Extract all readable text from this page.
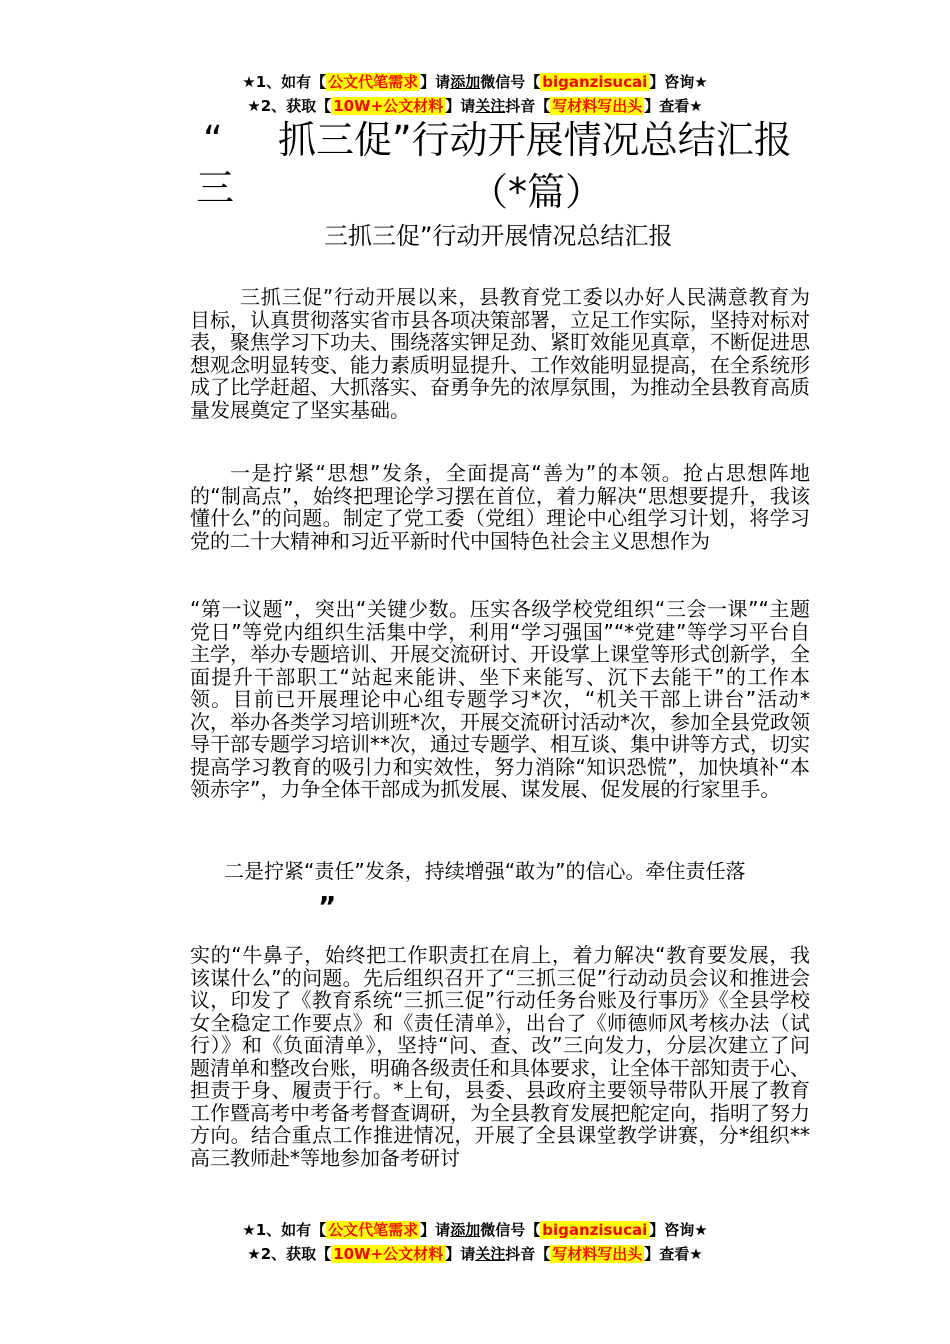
★1、如有【 公文代笔需求 】请添加微信号【 biganzisucai 】咨询★
★2、获取【 10W+公文材料 】请关注抖音【 写材料写出头 】查看★
“
三
抓三促”行动开展情况总结汇报
（*篇）
三抓三促”行动开展情况总结汇报

三抓三促”行动开展以来，县教育党工委以办好人民满意教育为目标，认真贯彻落实省市县各项决策部署，立足工作实际，坚持对标对表，聚焦学习下功夫、围绕落实钾足劲、紧盯效能见真章，不断促进思想观念明显转变、能力素质明显提升、工作效能明显提高，在全系统形成了比学赶超、大抓落实、奋勇争先的浓厚氛围，为推动全县教育高质量发展奠定了坚实基础。

一是拧紧“思想”发条，全面提高“善为”的本领。抢占思想阵地的“制高点”，始终把理论学习摆在首位，着力解决“思想要提升，我该懂什么”的问题。制定了党工委（党组）理论中心组学习计划，将学习党的二十大精神和习近平新时代中国特色社会主义思想作为

“第一议题”，突出“关键少数。压实各级学校党组织“三会一课”“主题党日”等党内组织生活集中学，利用“学习强国”“*党建”等学习平台自主学，举办专题培训、开展交流研讨、开设掌上课堂等形式创新学，全面提升干部职工“站起来能讲、坐下来能写、沉下去能干”的工作本领。目前已开展理论中心组专题学习*次，“机关干部上讲台”活动*次，举办各类学习培训班*次，开展交流研讨活动*次，参加全县党政领导干部专题学习培训**次，通过专题学、相互谈、集中讲等方式，切实提高学习教育的吸引力和实效性，努力消除“知识恐慌”，加快填补“本领赤字”，力争全体干部成为抓发展、谋发展、促发展的行家里手。

二是拧紧“责任”发条，持续增强“敢为”的信心。牵住责任落

”

实的“牛鼻子，始终把工作职责扛在肩上，着力解决“教育要发展，我该谋什么”的问题。先后组织召开了“三抓三促”行动动员会议和推进会议，印发了《教育系统“三抓三促”行动任务台账及行事历》《全县学校女全稳定工作要点》和《责任清单》，出台了《师德师风考核办法（试行）》和《负面清单》，坚持“问、查、改”三向发力，分层次建立了问题清单和整改台账，明确各级责任和具体要求，让全体干部知责于心、担责于身、履责于行。*上旬，县委、县政府主要领导带队开展了教育工作暨高考中考备考督查调研，为全县教育发展把舵定向，指明了努力方向。结合重点工作推进情况，开展了全县课堂教学讲赛，分*组织**高三教师赴*等地参加备考研讨

★1、如有【 公文代笔需求 】请添加微信号【 biganzisucai 】咨询★
★2、获取【 10W+公文材料 】请关注抖音【 写材料写出头 】查看★
